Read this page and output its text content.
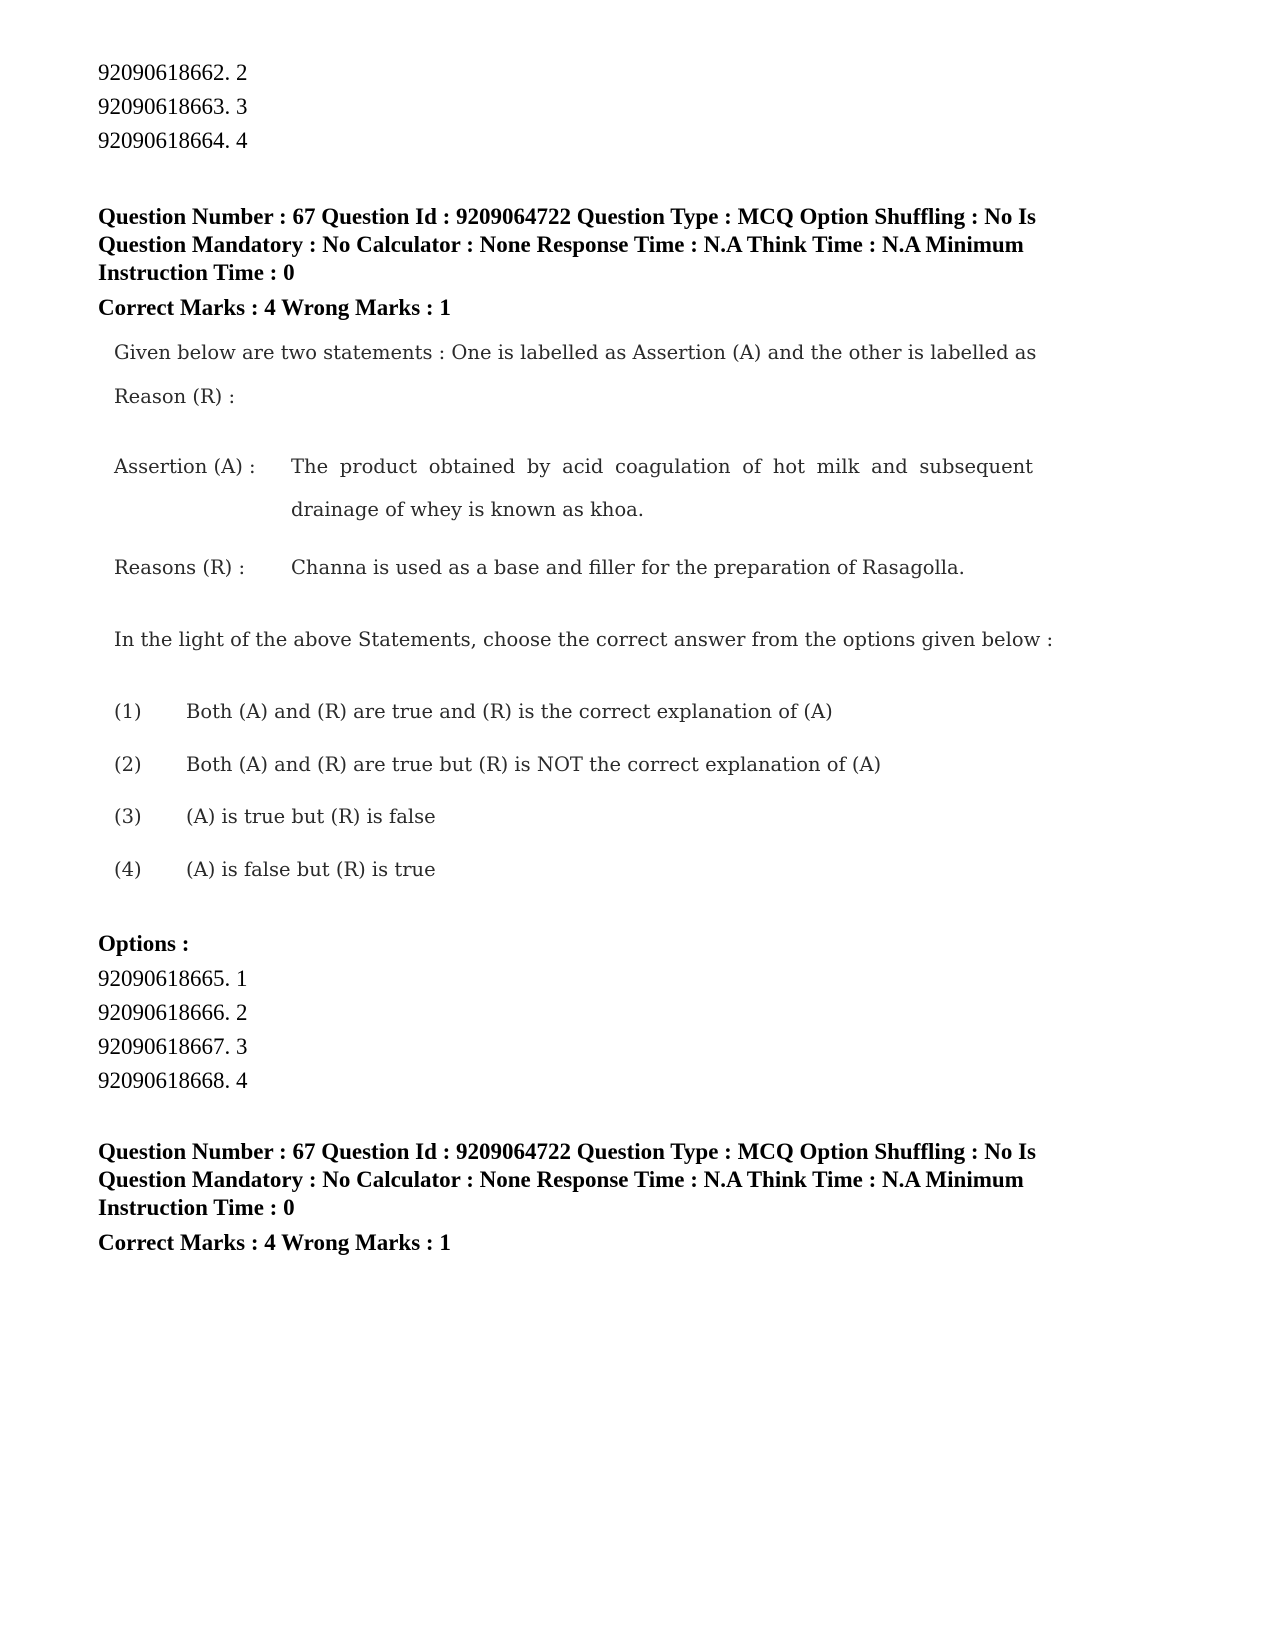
92090618662. 2
92090618663. 3
92090618664. 4
Question Number : 67 Question Id : 9209064722 Question Type : MCQ Option Shuffling : No Is
Question Mandatory : No Calculator : None Response Time : N.A Think Time : N.A Minimum
Instruction Time : 0
Correct Marks : 4 Wrong Marks : 1
Given below are two statements : One is labelled as Assertion (A) and the other is labelled as
Reason (R) :
Assertion (A) : The product obtained by acid coagulation of hot milk and subsequent
drainage of whey is known as khoa.
Reasons (R) : Channa is used as a base and filler for the preparation of Rasagolla.
In the light of the above Statements, choose the correct answer from the options given below :
(1) Both (A) and (R) are true and (R) is the correct explanation of (A)
(2) Both (A) and (R) are true but (R) is NOT the correct explanation of (A)
(3) (A) is true but (R) is false
(4) (A) is false but (R) is true
Options :
92090618665. 1
92090618666. 2
92090618667. 3
92090618668. 4
Question Number : 67 Question Id : 9209064722 Question Type : MCQ Option Shuffling : No Is
Question Mandatory : No Calculator : None Response Time : N.A Think Time : N.A Minimum
Instruction Time : 0
Correct Marks : 4 Wrong Marks : 1
